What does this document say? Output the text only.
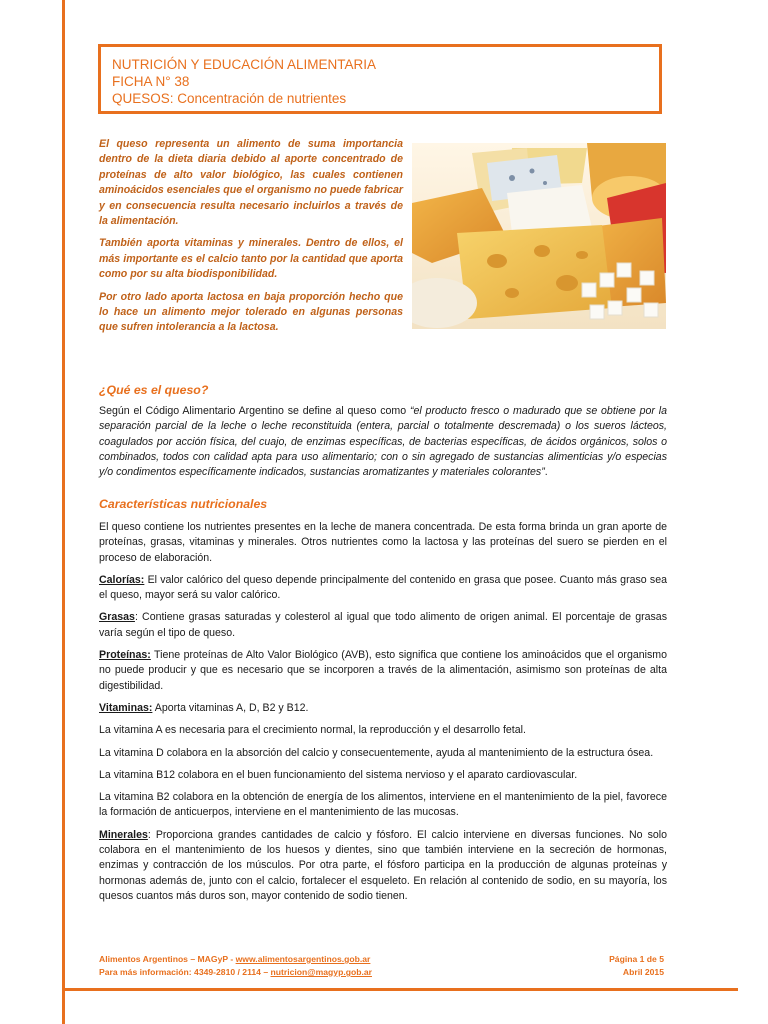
NUTRICIÓN Y EDUCACIÓN ALIMENTARIA
FICHA N° 38
QUESOS: Concentración de nutrientes

El queso representa un alimento de suma importancia dentro de la dieta diaria debido al aporte concentrado de proteínas de alto valor biológico, las cuales contienen aminoácidos esenciales que el organismo no puede fabricar y en consecuencia resulta necesario incluirlos a través de la alimentación.

También aporta vitaminas y minerales. Dentro de ellos, el más importante es el calcio tanto por la cantidad que aporta como por su alta biodisponibilidad.

Por otro lado aporta lactosa en baja proporción hecho que lo hace un alimento mejor tolerado en algunas personas que sufren intolerancia a la lactosa.

¿Qué es el queso?

Según el Código Alimentario Argentino se define al queso como “el producto fresco o madurado que se obtiene por la separación parcial de la leche o leche reconstituida (entera, parcial o totalmente descremada) o los sueros lácteos, coagulados por acción física, del cuajo, de enzimas específicas, de bacterias específicas, de ácidos orgánicos, solos o combinados, todos con calidad apta para uso alimentario; con o sin agregado de sustancias alimenticias y/o especias y/o condimentos específicamente indicados, sustancias aromatizantes y materiales colorantes”.

Características nutricionales

El queso contiene los nutrientes presentes en la leche de manera concentrada. De esta forma brinda un gran aporte de proteínas, grasas, vitaminas y minerales. Otros nutrientes como la lactosa y las proteínas del suero se pierden en el proceso de elaboración.

Calorías: El valor calórico del queso depende principalmente del contenido en grasa que posee. Cuanto más graso sea el queso, mayor será su valor calórico.

Grasas: Contiene grasas saturadas y colesterol al igual que todo alimento de origen animal. El porcentaje de grasas varía según el tipo de queso.

Proteínas: Tiene proteínas de Alto Valor Biológico (AVB), esto significa que contiene los aminoácidos que el organismo no puede producir y que es necesario que se incorporen a través de la alimentación, asimismo son proteínas de alta digestibilidad.

Vitaminas: Aporta vitaminas A, D, B2 y B12.

La vitamina A es necesaria para el crecimiento normal, la reproducción y el desarrollo fetal.

La vitamina D colabora en la absorción del calcio y consecuentemente, ayuda al mantenimiento de la estructura ósea.

La vitamina B12 colabora en el buen funcionamiento del sistema nervioso y el aparato cardiovascular.

La vitamina B2 colabora en la obtención de energía de los alimentos, interviene en el mantenimiento de la piel, favorece la formación de anticuerpos, interviene en el mantenimiento de las mucosas.

Minerales: Proporciona grandes cantidades de calcio y fósforo. El calcio interviene en diversas funciones. No solo colabora en el mantenimiento de los huesos y dientes, sino que también interviene en la secreción de hormonas, enzimas y contracción de los músculos. Por otra parte, el fósforo participa en la producción de algunas proteínas y hormonas además de, junto con el calcio, fortalecer el esqueleto. En relación al contenido de sodio, en su mayoría, los quesos cuantos más duros son, mayor contenido de sodio tienen.

Alimentos Argentinos – MAGyP - www.alimentosargentinos.gob.ar
Para más información: 4349-2810 / 2114 – nutricion@magyp.gob.ar
Página 1 de 5
Abril 2015
